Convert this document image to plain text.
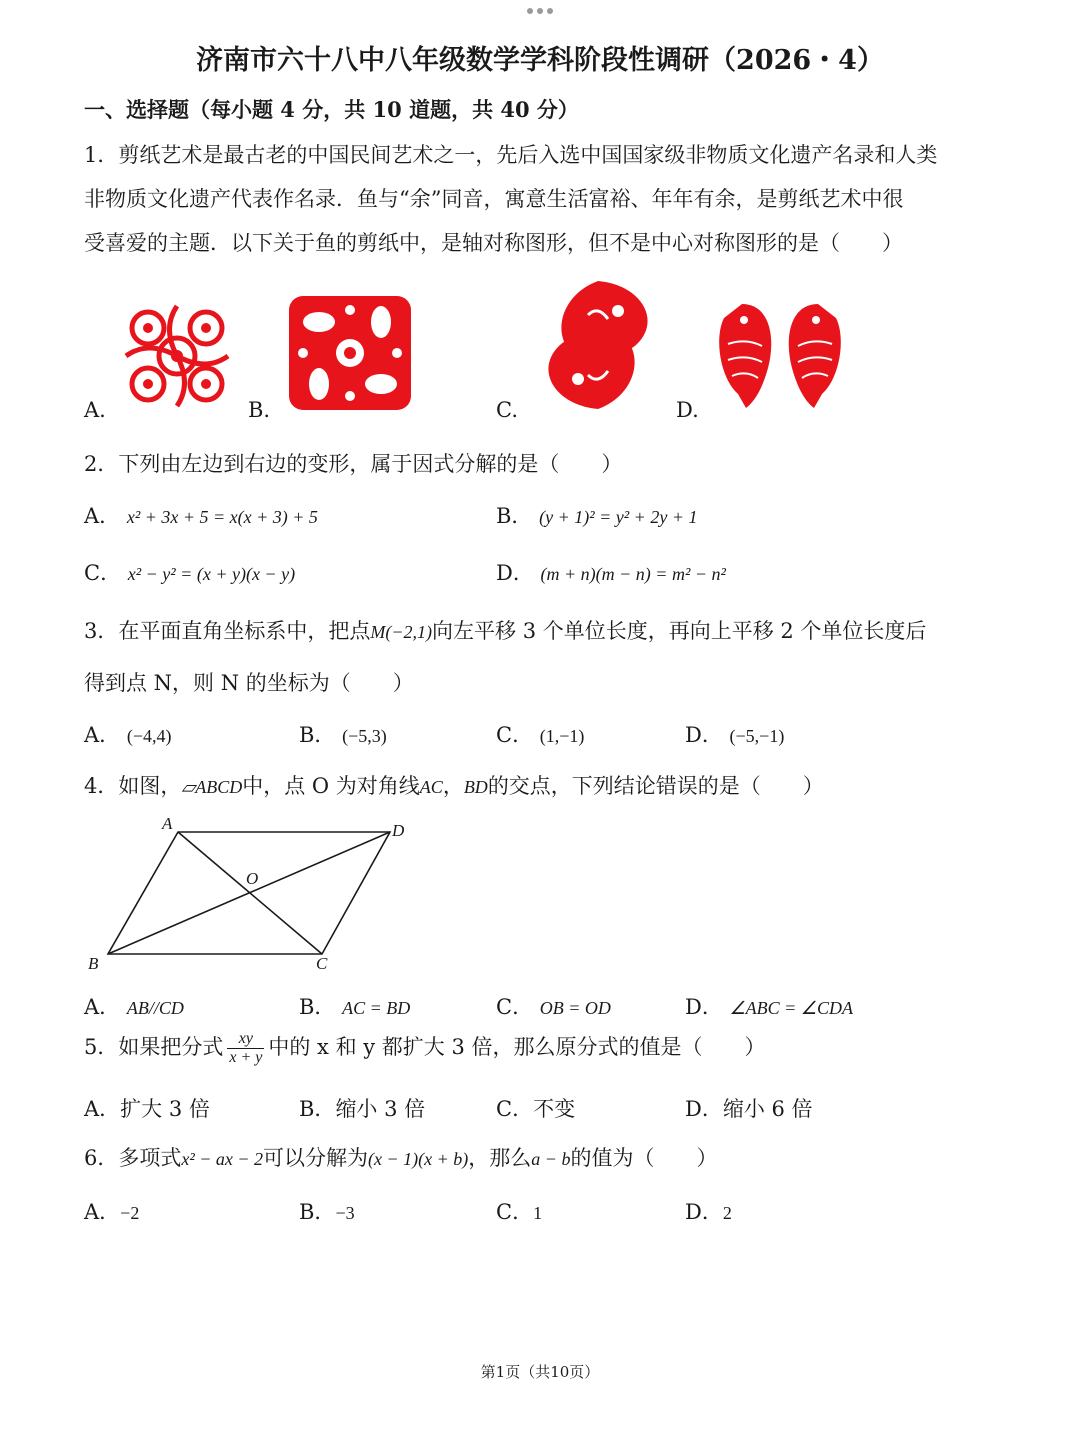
济南市六十八中八年级数学学科阶段性调研（2026・4）
一、选择题（每小题 4 分，共 10 道题，共 40 分）
1．剪纸艺术是最古老的中国民间艺术之一，先后入选中国国家级非物质文化遗产名录和人类
非物质文化遗产代表作名录．鱼与“余”同音，寓意生活富裕、年年有余，是剪纸艺术中很
受喜爱的主题．以下关于鱼的剪纸中，是轴对称图形，但不是中心对称图形的是（　　）
A.	B.	C.	D.
2．下列由左边到右边的变形，属于因式分解的是（　　）
A． x² + 3x + 5 = x(x + 3) + 5	B． (y + 1)² = y² + 2y + 1
C． x² − y² = (x + y)(x − y)	D． (m + n)(m − n) = m² − n²
3．在平面直角坐标系中，把点M(−2,1)向左平移 3 个单位长度，再向上平移 2 个单位长度后
得到点 N，则 N 的坐标为（　　）
A． (−4,4)	B． (−5,3)	C． (1,−1)	D． (−5,−1)
4．如图，▱ABCD中，点 O 为对角线AC，BD的交点，下列结论错误的是（　　）
A	D
B	C
O
A． AB//CD	B． AC = BD	C． OB = OD	D． ∠ABC = ∠CDA
5．如果把分式 $\frac{xy}{x + y}$ 中的 x 和 y 都扩大 3 倍，那么原分式的值是（　　）
A．扩大 3 倍	B．缩小 3 倍	C．不变	D．缩小 6 倍
6．多项式x² − ax − 2可以分解为(x − 1)(x + b)，那么a − b的值为（　　）
A．−2	B．−3	C．1	D．2
第1页（共10页）
